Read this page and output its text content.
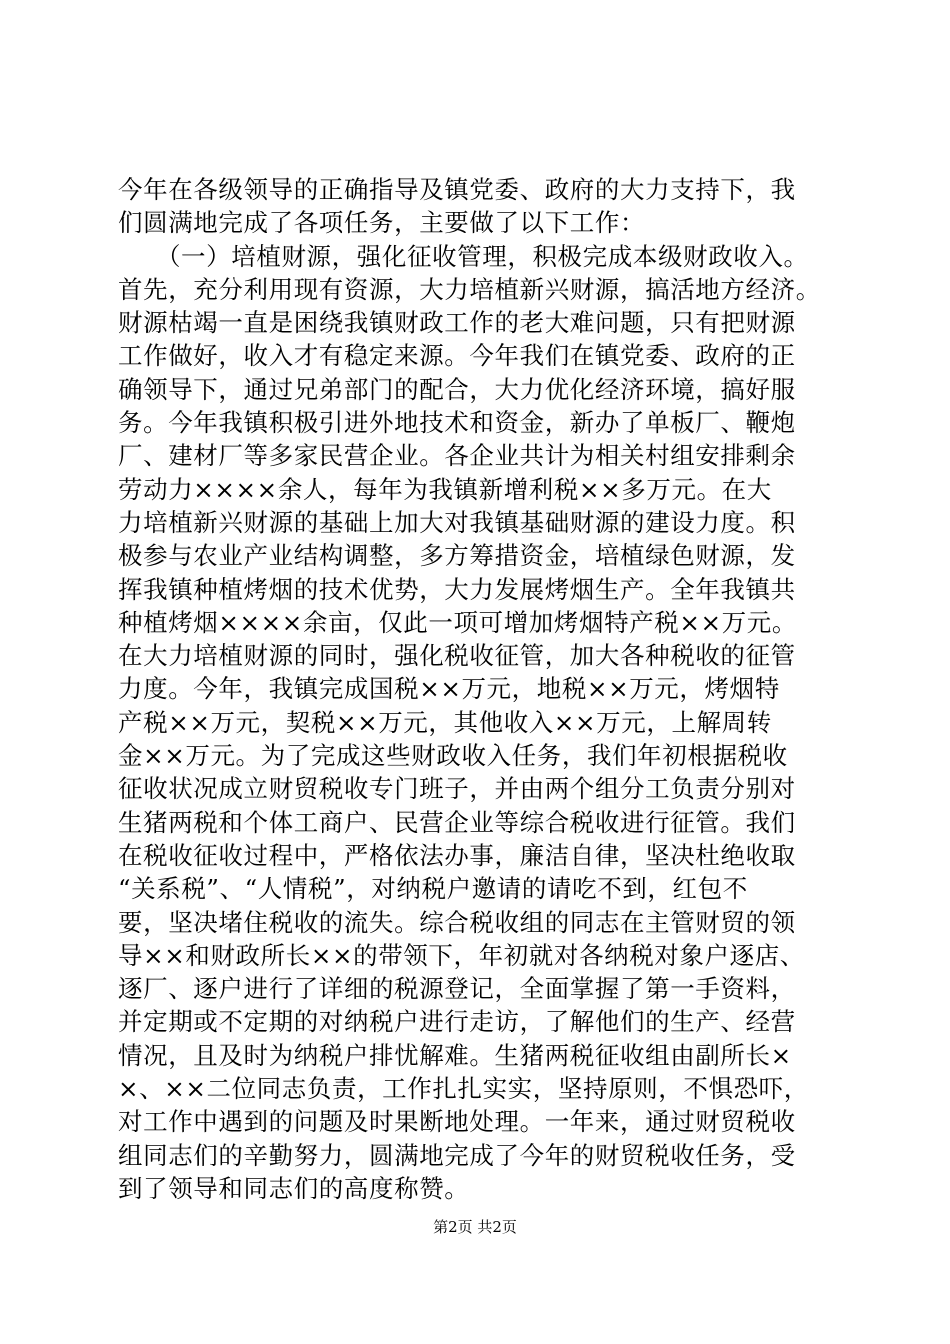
今年在各级领导的正确指导及镇党委、政府的大力支持下，我
们圆满地完成了各项任务，主要做了以下工作：
　　（一）培植财源，强化征收管理，积极完成本级财政收入。
首先，充分利用现有资源，大力培植新兴财源，搞活地方经济。
财源枯竭一直是困绕我镇财政工作的老大难问题，只有把财源
工作做好，收入才有稳定来源。今年我们在镇党委、政府的正
确领导下，通过兄弟部门的配合，大力优化经济环境，搞好服
务。今年我镇积极引进外地技术和资金，新办了单板厂、鞭炮
厂、建材厂等多家民营企业。各企业共计为相关村组安排剩余
劳动力××××余人，每年为我镇新增利税××多万元。在大
力培植新兴财源的基础上加大对我镇基础财源的建设力度。积
极参与农业产业结构调整，多方筹措资金，培植绿色财源，发
挥我镇种植烤烟的技术优势，大力发展烤烟生产。全年我镇共
种植烤烟××××余亩，仅此一项可增加烤烟特产税××万元。
在大力培植财源的同时，强化税收征管，加大各种税收的征管
力度。今年，我镇完成国税××万元，地税××万元，烤烟特
产税××万元，契税××万元，其他收入××万元，上解周转
金××万元。为了完成这些财政收入任务，我们年初根据税收
征收状况成立财贸税收专门班子，并由两个组分工负责分别对
生猪两税和个体工商户、民营企业等综合税收进行征管。我们
在税收征收过程中，严格依法办事，廉洁自律，坚决杜绝收取
“关系税”、“人情税”，对纳税户邀请的请吃不到，红包不
要，坚决堵住税收的流失。综合税收组的同志在主管财贸的领
导××和财政所长××的带领下，年初就对各纳税对象户逐店、
逐厂、逐户进行了详细的税源登记，全面掌握了第一手资料，
并定期或不定期的对纳税户进行走访，了解他们的生产、经营
情况，且及时为纳税户排忧解难。生猪两税征收组由副所长×
×、××二位同志负责，工作扎扎实实，坚持原则，不惧恐吓，
对工作中遇到的问题及时果断地处理。一年来，通过财贸税收
组同志们的辛勤努力，圆满地完成了今年的财贸税收任务，受
到了领导和同志们的高度称赞。
第2页 共2页
